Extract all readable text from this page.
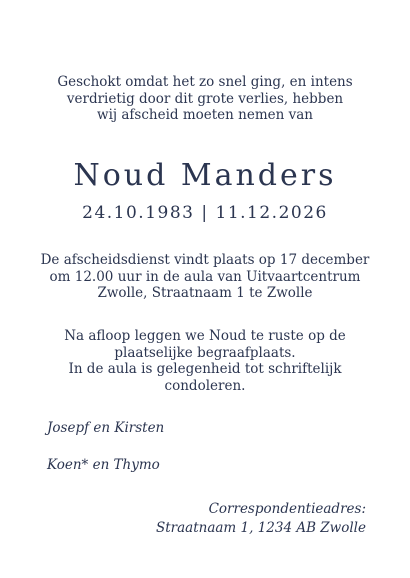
Geschokt omdat het zo snel ging, en intens
verdrietig door dit grote verlies, hebben
wij afscheid moeten nemen van
Noud Manders
24.10.1983 | 11.12.2026
De afscheidsdienst vindt plaats op 17 december
om 12.00 uur in de aula van Uitvaartcentrum
Zwolle, Straatnaam 1 te Zwolle
Na afloop leggen we Noud te ruste op de
plaatselijke begraafplaats.
In de aula is gelegenheid tot schriftelijk
condoleren.
Josepf en Kirsten
Koen* en Thymo
Correspondentieadres:
Straatnaam 1, 1234 AB Zwolle
